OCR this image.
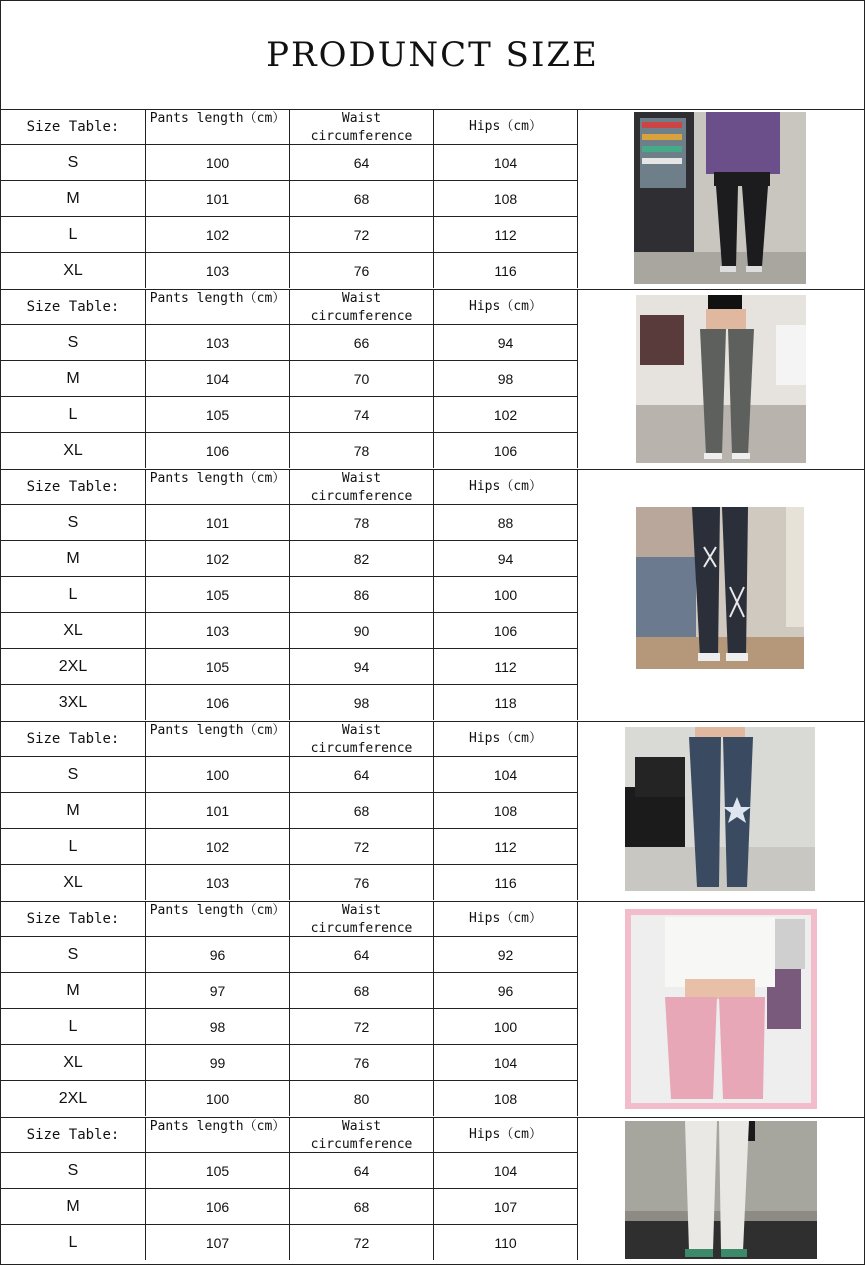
PRODUNCT SIZE
Size Table:	Pants length（cm）	Waist circumference	Hips（cm）
S	100	64	104
M	101	68	108
L	102	72	112
XL	103	76	116
Size Table:	Pants length（cm）	Waist circumference	Hips（cm）
S	103	66	94
M	104	70	98
L	105	74	102
XL	106	78	106
Size Table:	Pants length（cm）	Waist circumference	Hips（cm）
S	101	78	88
M	102	82	94
L	105	86	100
XL	103	90	106
2XL	105	94	112
3XL	106	98	118
Size Table:	Pants length（cm）	Waist circumference	Hips（cm）
S	100	64	104
M	101	68	108
L	102	72	112
XL	103	76	116
Size Table:	Pants length（cm）	Waist circumference	Hips（cm）
S	96	64	92
M	97	68	96
L	98	72	100
XL	99	76	104
2XL	100	80	108
Size Table:	Pants length（cm）	Waist circumference	Hips（cm）
S	105	64	104
M	106	68	107
L	107	72	110
